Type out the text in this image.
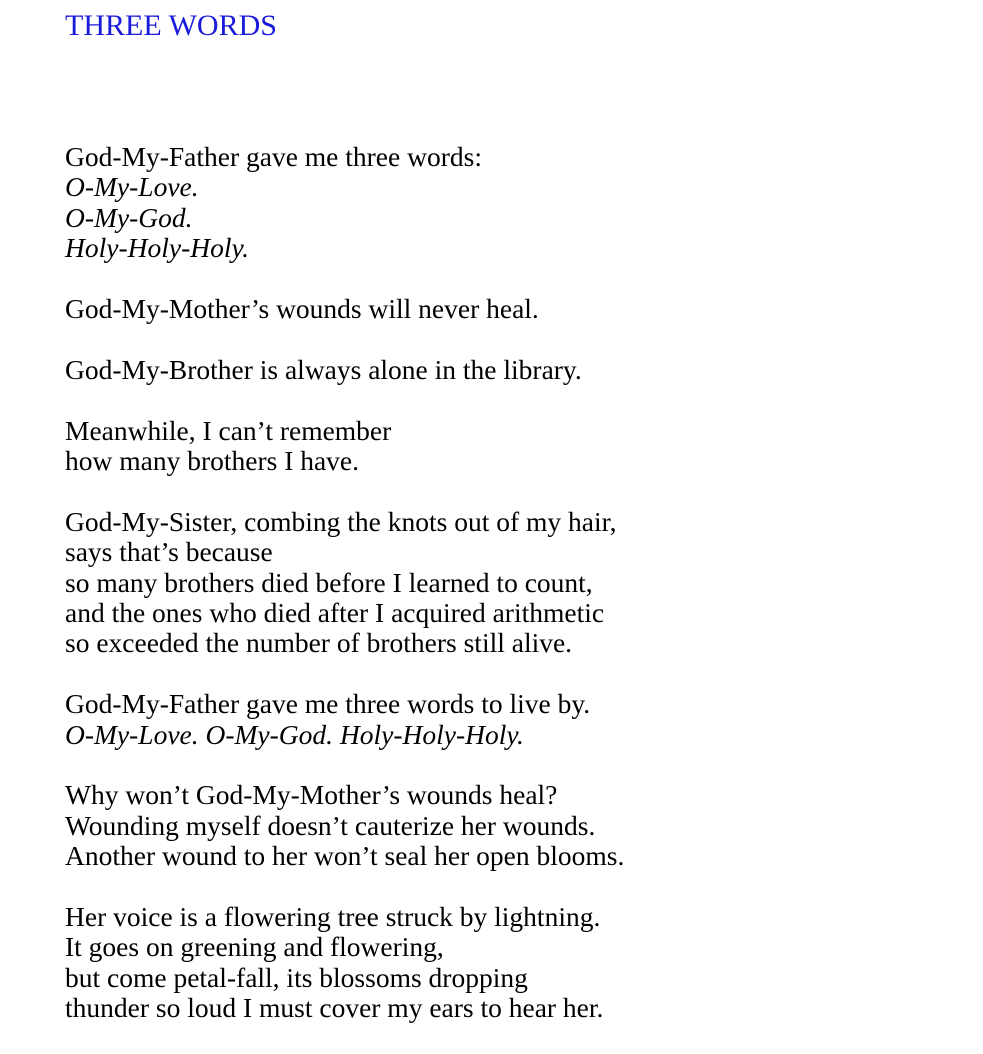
THREE WORDS
God-My-Father gave me three words:
O-My-Love.
O-My-God.
Holy-Holy-Holy.
God-My-Mother’s wounds will never heal.
God-My-Brother is always alone in the library.
Meanwhile, I can’t remember
how many brothers I have.
God-My-Sister, combing the knots out of my hair,
says that’s because
so many brothers died before I learned to count,
and the ones who died after I acquired arithmetic
so exceeded the number of brothers still alive.
God-My-Father gave me three words to live by.
O-My-Love. O-My-God. Holy-Holy-Holy.
Why won’t God-My-Mother’s wounds heal?
Wounding myself doesn’t cauterize her wounds.
Another wound to her won’t seal her open blooms.
Her voice is a flowering tree struck by lightning.
It goes on greening and flowering,
but come petal-fall, its blossoms dropping
thunder so loud I must cover my ears to hear her.
